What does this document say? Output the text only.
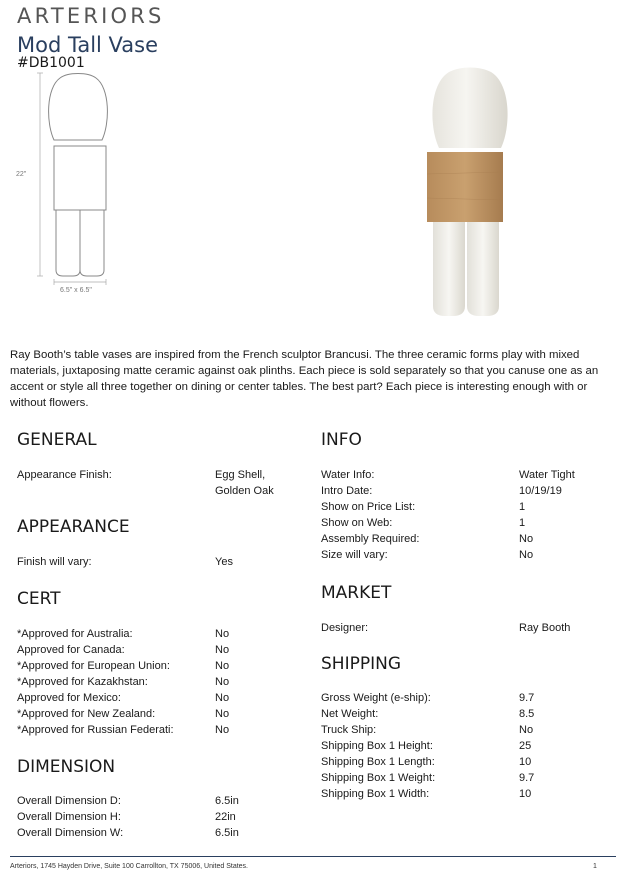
ARTERIORS
Mod Tall Vase
#DB1001
22"
6.5" x 6.5"
Ray Booth’s table vases are inspired from the French sculptor Brancusi. The three ceramic forms play with mixed materials, juxtaposing matte ceramic against oak plinths. Each piece is sold separately so that you canuse one as an accent or style all three together on dining or center tables. The best part? Each piece is interesting enough with or without flowers.
GENERAL
Appearance Finish:	Egg Shell,
Golden Oak
APPEARANCE
Finish will vary:	Yes
CERT
*Approved for Australia:	No
Approved for Canada:	No
*Approved for European Union:	No
*Approved for Kazakhstan:	No
Approved for Mexico:	No
*Approved for New Zealand:	No
*Approved for Russian Federati:	No
DIMENSION
Overall Dimension D:	6.5in
Overall Dimension H:	22in
Overall Dimension W:	6.5in
INFO
Water Info:	Water Tight
Intro Date:	10/19/19
Show on Price List:	1
Show on Web:	1
Assembly Required:	No
Size will vary:	No
MARKET
Designer:	Ray Booth
SHIPPING
Gross Weight (e-ship):	9.7
Net Weight:	8.5
Truck Ship:	No
Shipping Box 1 Height:	25
Shipping Box 1 Length:	10
Shipping Box 1 Weight:	9.7
Shipping Box 1 Width:	10
Arteriors, 1745 Hayden Drive, Suite 100 Carrollton, TX 75006, United States.	1
